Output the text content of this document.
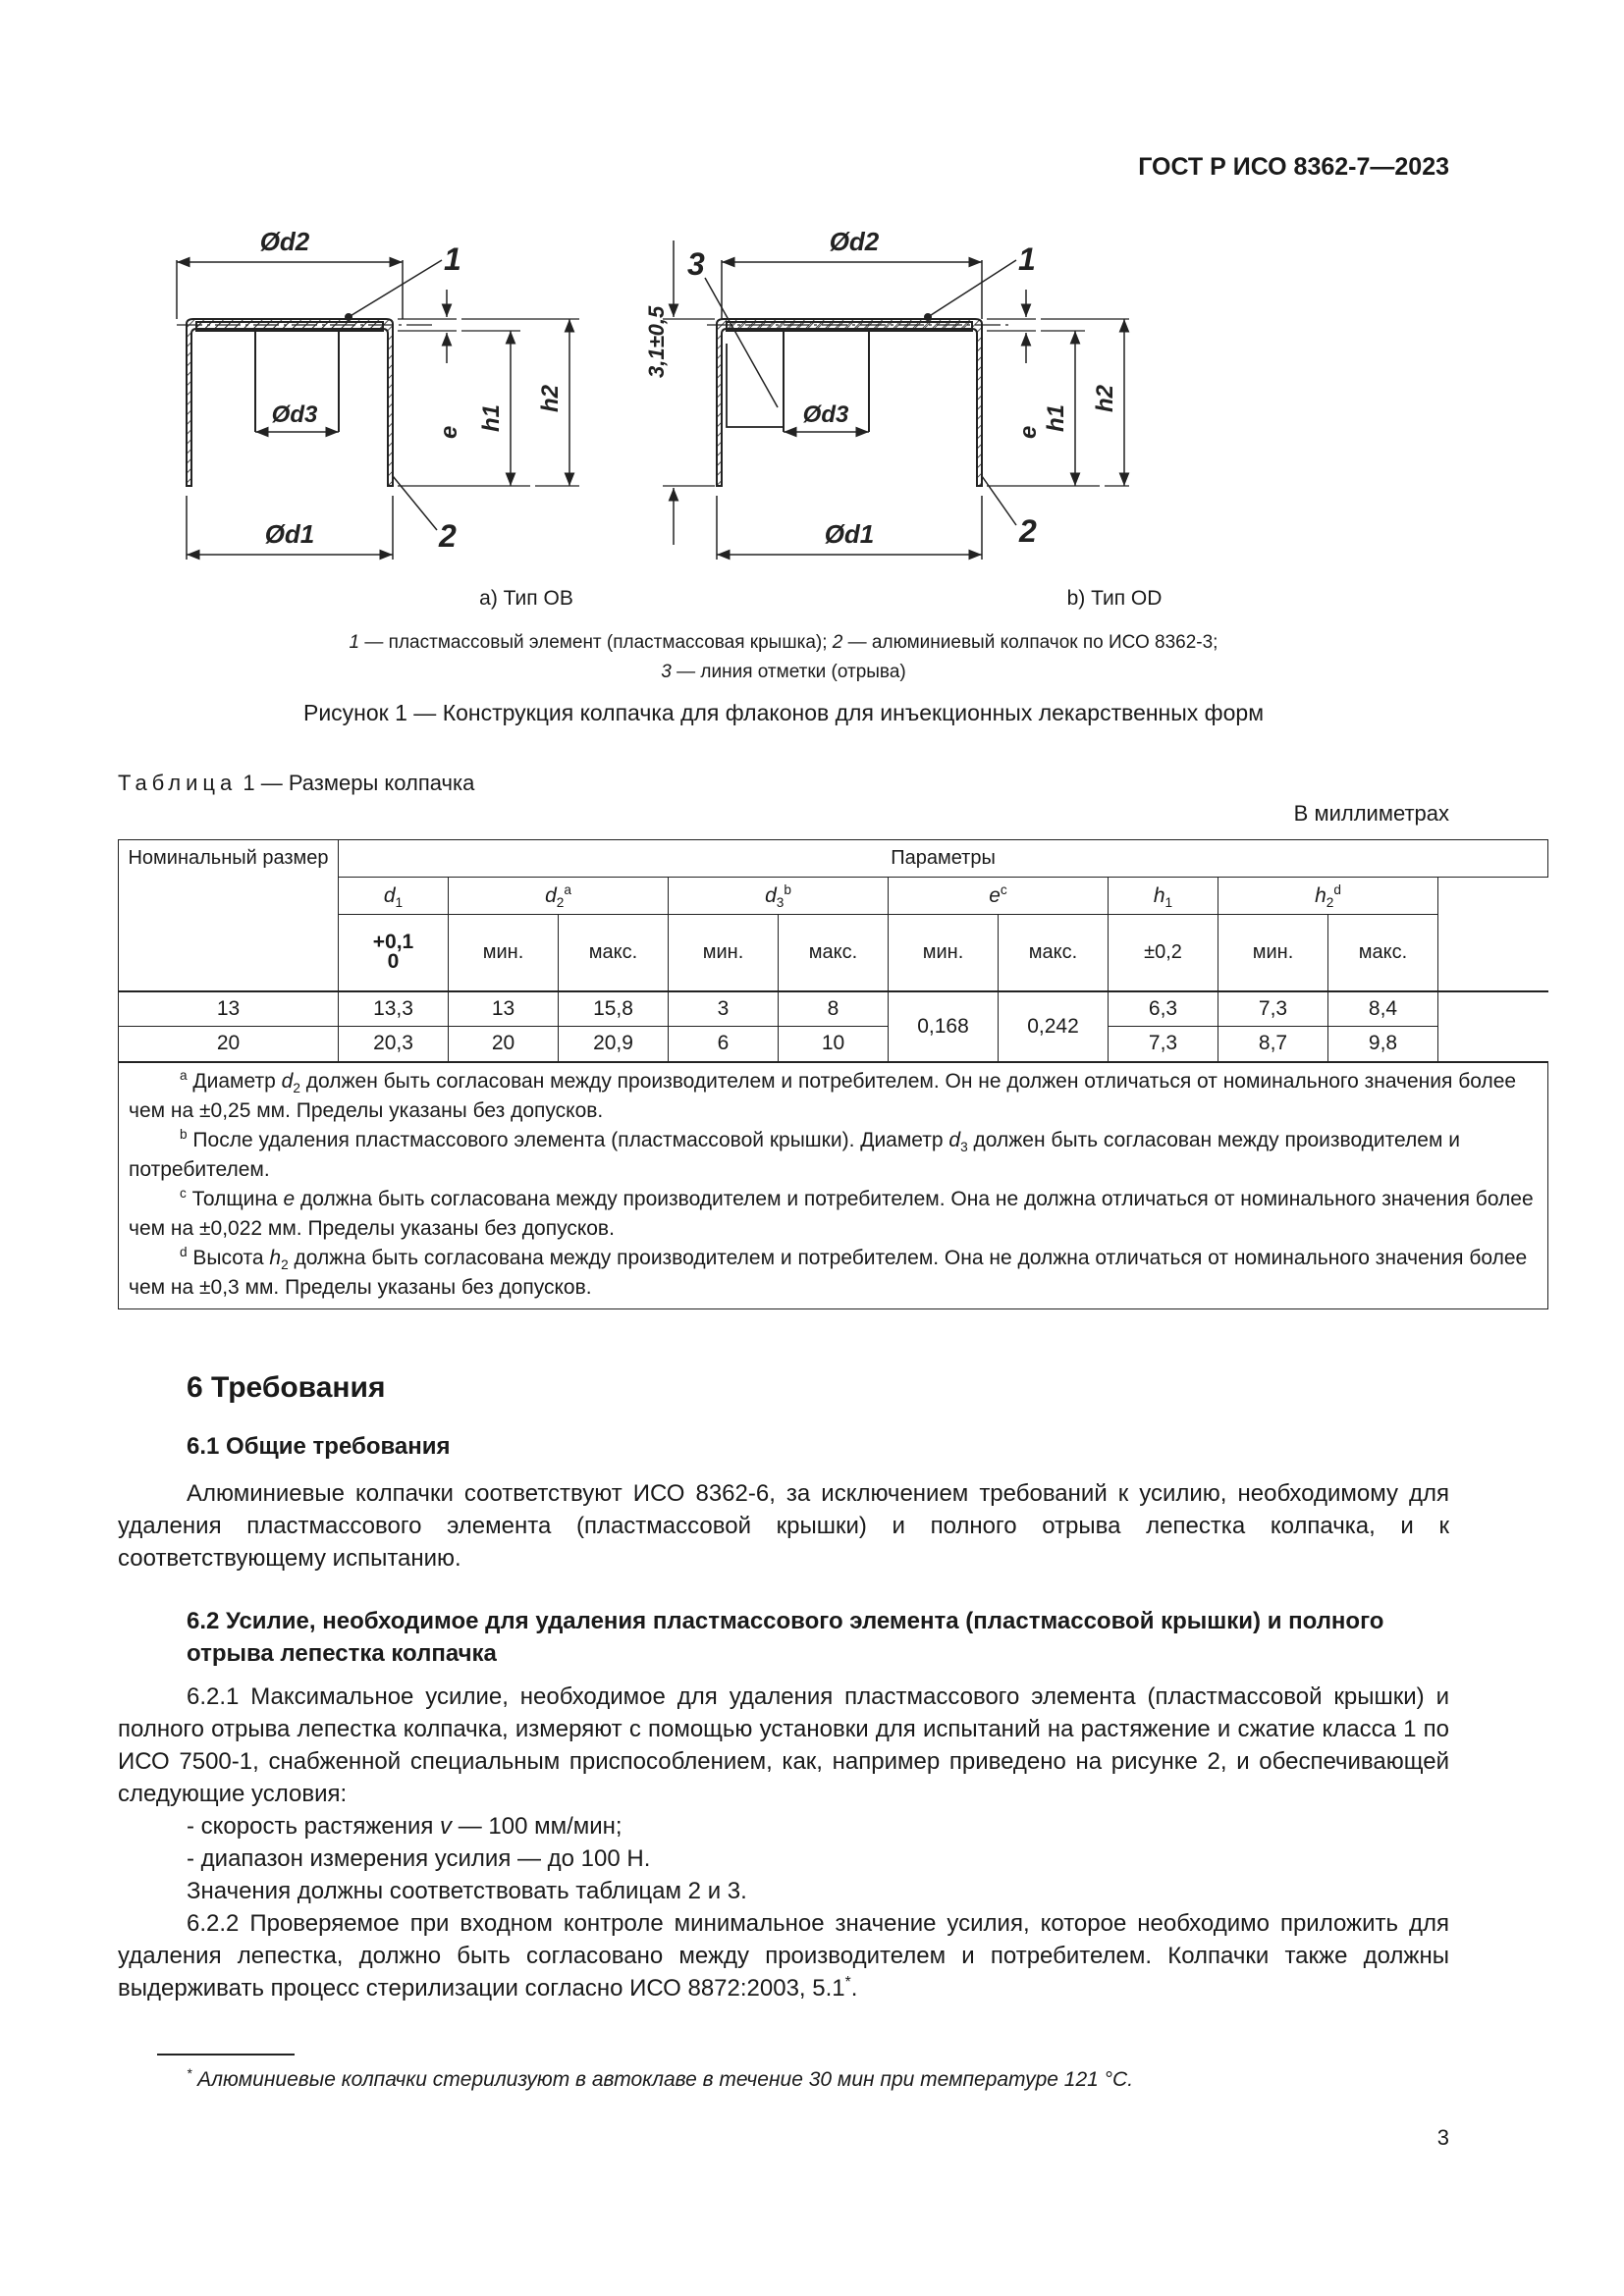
ГОСТ Р ИСО 8362-7—2023
Ød2
Ød3
Ød1
e
h1
h2
1
2
Ød2
Ød3
Ød1
3,1±0,5
e
h1
h2
1
2
3
a) Тип OB	b) Тип OD
1 — пластмассовый элемент (пластмассовая крышка); 2 — алюминиевый колпачок по ИСО 8362-3;
3 — линия отметки (отрыва)
Рисунок 1 — Конструкция колпачка для флаконов для инъекционных лекарственных форм
Таблица 1 — Размеры колпачка
В миллиметрах
Номинальный размер	Параметры									
	$d_1$	$d_2^a$		$d_3^b$		$e^c$		$h_1$	$h_2^d$

	+0,1
0	мин.	макс.	мин.	макс.	мин.	макс.	±0,2	мин.	макс.
13	13,3	13	15,8	3	8	0,168	0,242	6,3	7,3	8,4
20	20,3	20	20,9	6	10			7,3	8,7	9,8

$^a$ Диаметр $d_2$ должен быть согласован между производителем и потребителем. Он не должен отличаться от номинального значения более чем на ±0,25 мм. Пределы указаны без допусков.

$^b$ После удаления пластмассового элемента (пластмассовой крышки). Диаметр $d_3$ должен быть согласован между производителем и потребителем.

$^c$ Толщина e должна быть согласована между производителем и потребителем. Она не должна отличаться от номинального значения более чем на ±0,022 мм. Пределы указаны без допусков.

$^d$ Высота $h_2$ должна быть согласована между производителем и потребителем. Она не должна отличаться от номинального значения более чем на ±0,3 мм. Пределы указаны без допусков.										

6 Требования
6.1 Общие требования

Алюминиевые колпачки соответствуют ИСО 8362-6, за исключением требований к усилию, необходимому для удаления пластмассового элемента (пластмассовой крышки) и полного отрыва лепестка колпачка, и к соответствующему испытанию.

6.2 Усилие, необходимое для удаления пластмассового элемента (пластмассовой крышки) и полного отрыва лепестка колпачка

6.2.1 Максимальное усилие, необходимое для удаления пластмассового элемента (пластмассовой крышки) и полного отрыва лепестка колпачка, измеряют с помощью установки для испытаний на растяжение и сжатие класса 1 по ИСО 7500-1, снабженной специальным приспособлением, как, например приведено на рисунке 2, и обеспечивающей следующие условия:

- скорость растяжения v — 100 мм/мин;

- диапазон измерения усилия — до 100 Н.

Значения должны соответствовать таблицам 2 и 3.

6.2.2 Проверяемое при входном контроле минимальное значение усилия, которое необходимо приложить для удаления лепестка, должно быть согласовано между производителем и потребителем. Колпачки также должны выдерживать процесс стерилизации согласно ИСО 8872:2003, 5.1*.

* Алюминиевые колпачки стерилизуют в автоклаве в течение 30 мин при температуре 121 °С.
3
